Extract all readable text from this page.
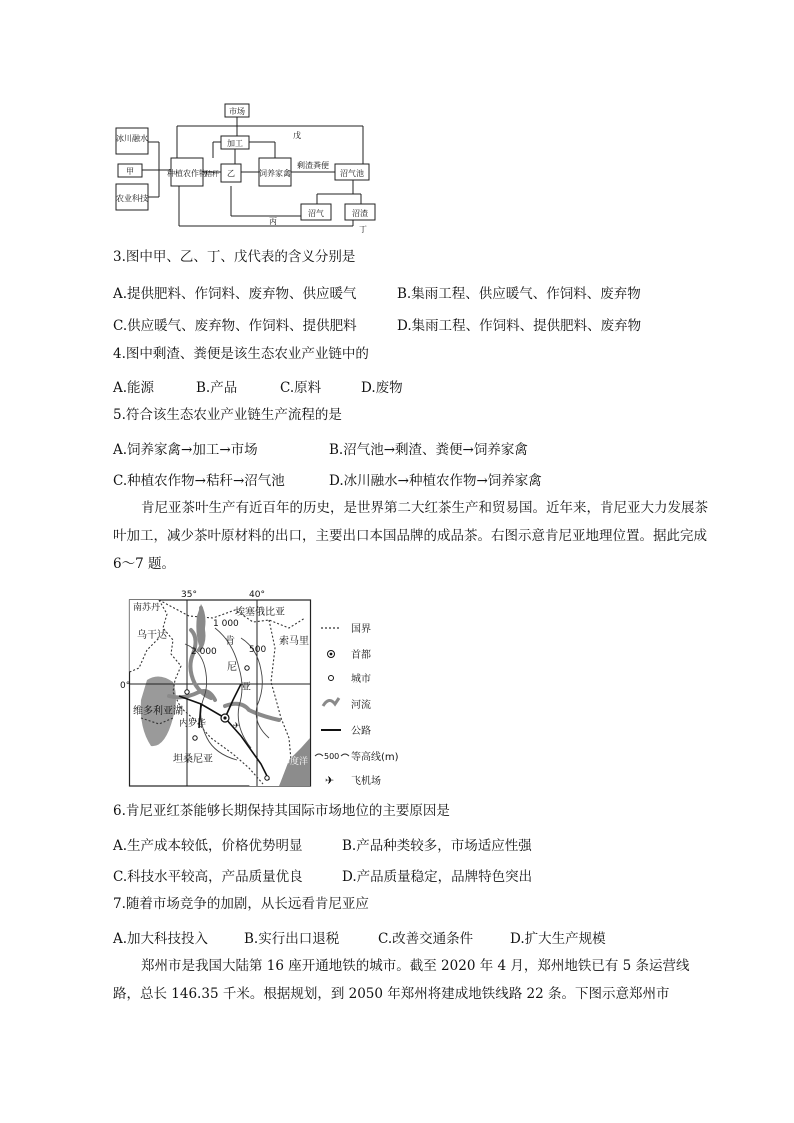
市场
加工
冰川融水
甲
农业科技
种植农作物
秸秆 乙	饲养家禽
剩渣粪便
沼气池
沼气	沼渣
丙
丁
戊
3.图中甲、乙、丁、戊代表的含义分别是
A.提供肥料、作饲料、废弃物、供应暖气	B.集雨工程、供应暖气、作饲料、废弃物
C.供应暖气、废弃物、作饲料、提供肥料	D.集雨工程、作饲料、提供肥料、废弃物
4.图中剩渣、粪便是该生态农业产业链中的
A.能源	B.产品	C.原料	D.废物
5.符合该生态农业产业链生产流程的是
A.饲养家禽→加工→市场	B.沼气池→剩渣、粪便→饲养家禽
C.种植农作物→秸秆→沼气池	D.冰川融水→种植农作物→饲养家禽
肯尼亚茶叶生产有近百年的历史，是世界第二大红茶生产和贸易国。近年来，肯尼亚大力发展茶叶加工，减少茶叶原材料的出口，主要出口本国品牌的成品茶。右图示意肯尼亚地理位置。据此完成 6～7 题。
✈
35°	40°
0°
南苏丹	埃塞俄比亚
乌干达
肯
尼
亚
索马里
维多利亚湖
内罗毕
坦桑尼亚	印度洋
2 000
1 000
500
国界
首都
城市
河流
公路
500 等高线(m)
✈ 飞机场
6.肯尼亚红茶能够长期保持其国际市场地位的主要原因是
A.生产成本较低，价格优势明显	B.产品种类较多，市场适应性强
C.科技水平较高，产品质量优良	D.产品质量稳定，品牌特色突出
7.随着市场竞争的加剧，从长远看肯尼亚应
A.加大科技投入	B.实行出口退税	C.改善交通条件	D.扩大生产规模
郑州市是我国大陆第 16 座开通地铁的城市。截至 2020 年 4 月，郑州地铁已有 5 条运营线路，总长 146.35 千米。根据规划，到 2050 年郑州将建成地铁线路 22 条。下图示意郑州市
